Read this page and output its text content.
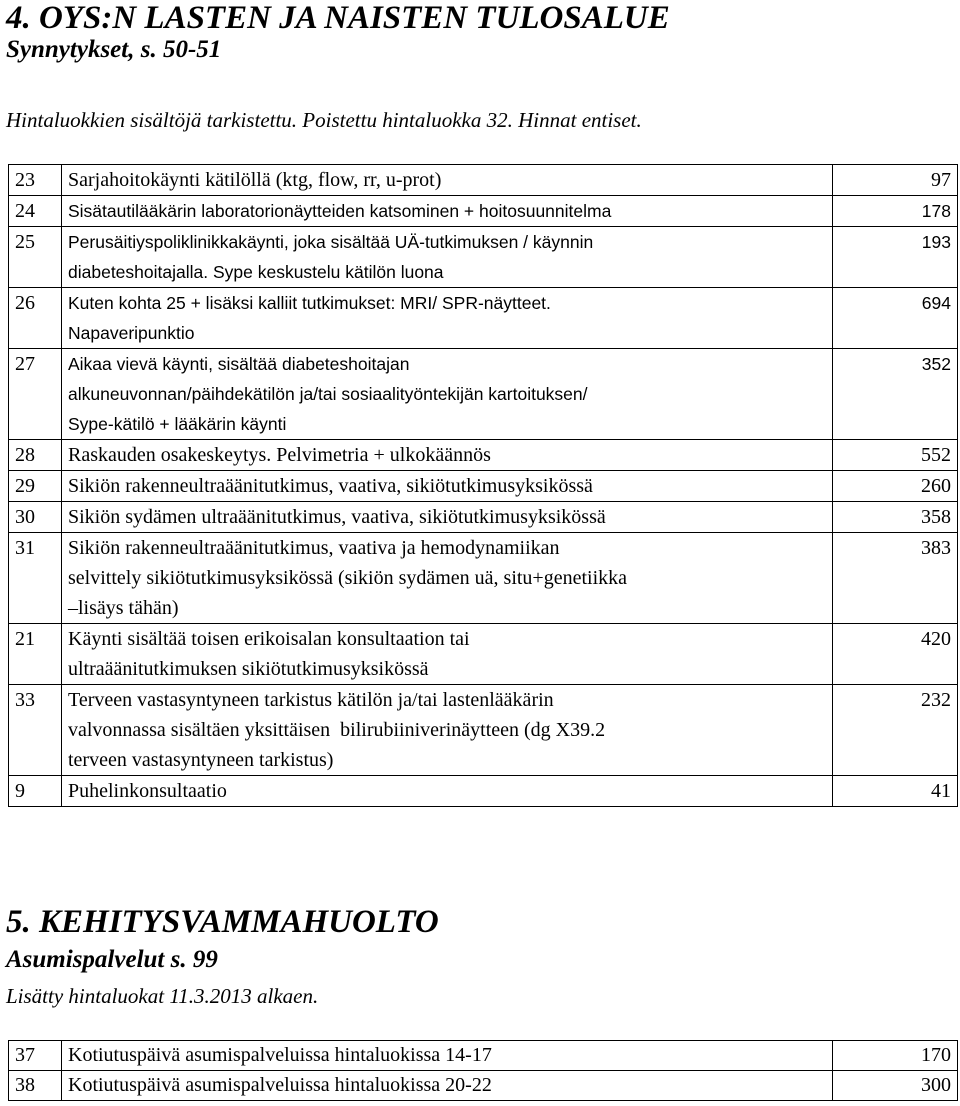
4. OYS:N LASTEN JA NAISTEN TULOSALUE
Synnytykset, s. 50-51
Hintaluokkien sisältöjä tarkistettu. Poistettu hintaluokka 32. Hinnat entiset.
23	Sarjahoitokäynti kätilöllä (ktg, flow, rr, u-prot)	97
24	Sisätautilääkärin laboratorionäytteiden katsominen + hoitosuunnitelma	178
25	Perusäitiyspoliklinikkakäynti, joka sisältää UÄ-tutkimuksen / käynnin
diabeteshoitajalla. Sype keskustelu kätilön luona	193
26	Kuten kohta 25 + lisäksi kalliit tutkimukset: MRI/ SPR-näytteet.
Napaveripunktio	694
27	Aikaa vievä käynti, sisältää diabeteshoitajan
alkuneuvonnan/päihdekätilön ja/tai sosiaalityöntekijän kartoituksen/
Sype-kätilö + lääkärin käynti	352
28	Raskauden osakeskeytys. Pelvimetria + ulkokäännös	552
29	Sikiön rakenneultraäänitutkimus, vaativa, sikiötutkimusyksikössä	260
30	Sikiön sydämen ultraäänitutkimus, vaativa, sikiötutkimusyksikössä	358
31	Sikiön rakenneultraäänitutkimus, vaativa ja hemodynamiikan
selvittely sikiötutkimusyksikössä (sikiön sydämen uä, situ+genetiikka
–lisäys tähän)	383
21	Käynti sisältää toisen erikoisalan konsultaation tai
ultraäänitutkimuksen sikiötutkimusyksikössä	420
33	Terveen vastasyntyneen tarkistus kätilön ja/tai lastenlääkärin
valvonnassa sisältäen yksittäisen  bilirubiiniverinäytteen (dg X39.2
terveen vastasyntyneen tarkistus)	232
9	Puhelinkonsultaatio	41
5. KEHITYSVAMMAHUOLTO
Asumispalvelut s. 99
Lisätty hintaluokat 11.3.2013 alkaen.
37	Kotiutuspäivä asumispalveluissa hintaluokissa 14-17	170
38	Kotiutuspäivä asumispalveluissa hintaluokissa 20-22	300
